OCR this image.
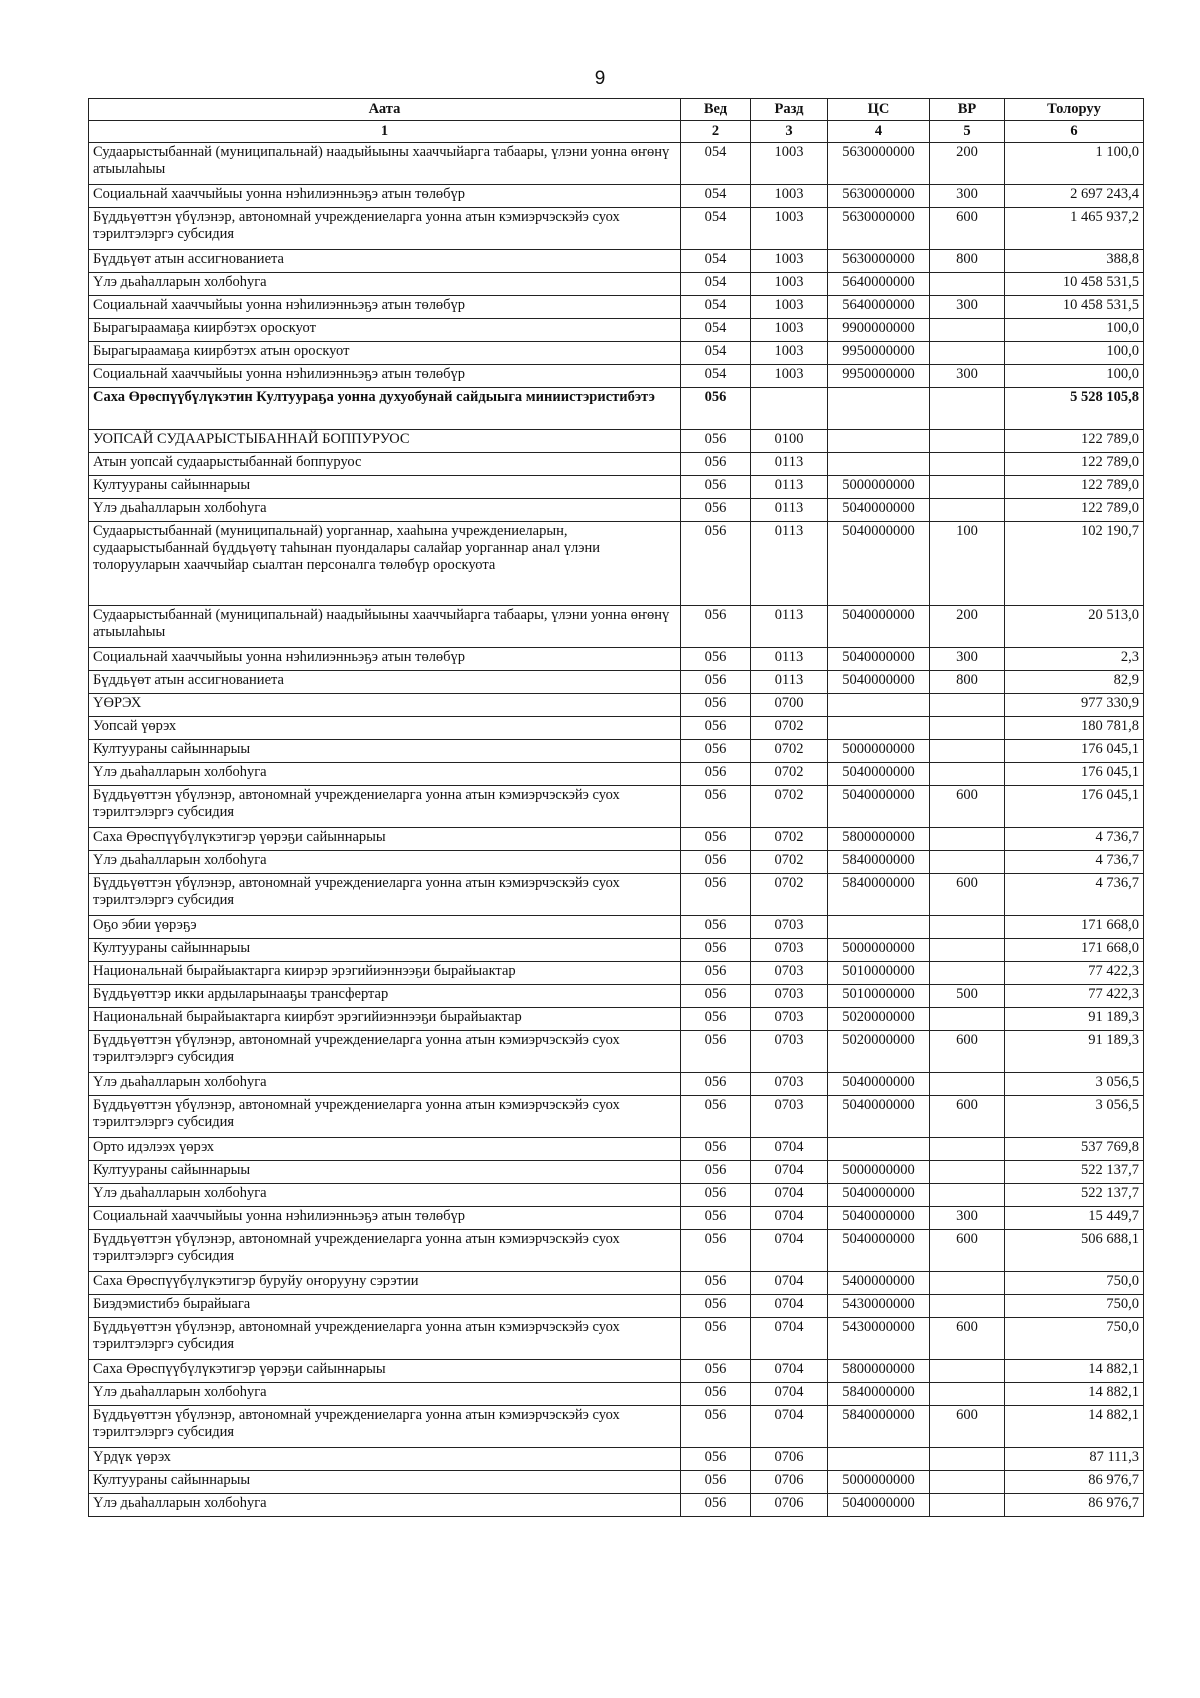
9
Аата	Вед	Разд	ЦС	ВР	Толоруу
1	2	3	4	5	6
Судаарыстыбаннай (муниципальнай) наадыйыыны хааччыйарга табаары, үлэни уонна өҥөнү атыылаһыы	054	1003	5630000000	200	1 100,0
Социальнай хааччыйыы уонна нэһилиэнньэҕэ атын төлөбүр	054	1003	5630000000	300	2 697 243,4
Бүддьүөттэн үбүлэнэр, автономнай учреждениеларга уонна атын кэмиэрчэскэйэ суох тэрилтэлэргэ субсидия	054	1003	5630000000	600	1 465 937,2
Бүддьүөт атын ассигнованиета	054	1003	5630000000	800	388,8
Үлэ дьаһалларын холбоһуга	054	1003	5640000000		10 458 531,5
Социальнай хааччыйыы уонна нэһилиэнньэҕэ атын төлөбүр	054	1003	5640000000	300	10 458 531,5
Бырагыраамаҕа киирбэтэх ороскуот	054	1003	9900000000		100,0
Бырагыраамаҕа киирбэтэх атын ороскуот	054	1003	9950000000		100,0
Социальнай хааччыйыы уонна нэһилиэнньэҕэ атын төлөбүр	054	1003	9950000000	300	100,0
Саха Өрөспүүбүлүкэтин Култуураҕа уонна духуобунай сайдыыга миниистэристибэтэ	056				5 528 105,8
УОПСАЙ СУДААРЫСТЫБАННАЙ БОППУРУОС	056	0100			122 789,0
Атын уопсай судаарыстыбаннай боппуруос	056	0113			122 789,0
Култуураны сайыннарыы	056	0113	5000000000		122 789,0
Үлэ дьаһалларын холбоһуга	056	0113	5040000000		122 789,0
Судаарыстыбаннай (муниципальнай) уорганнар, хааһына учреждениеларын, судаарыстыбаннай бүддьүөтү таһынан пуондалары салайар уорганнар анал үлэни толорууларын хааччыйар сыалтан персоналга төлөбүр ороскуота	056	0113	5040000000	100	102 190,7
Судаарыстыбаннай (муниципальнай) наадыйыыны хааччыйарга табаары, үлэни уонна өҥөнү атыылаһыы	056	0113	5040000000	200	20 513,0
Социальнай хааччыйыы уонна нэһилиэнньэҕэ атын төлөбүр	056	0113	5040000000	300	2,3
Бүддьүөт атын ассигнованиета	056	0113	5040000000	800	82,9
ҮӨРЭХ	056	0700			977 330,9
Уопсай үөрэх	056	0702			180 781,8
Култуураны сайыннарыы	056	0702	5000000000		176 045,1
Үлэ дьаһалларын холбоһуга	056	0702	5040000000		176 045,1
Бүддьүөттэн үбүлэнэр, автономнай учреждениеларга уонна атын кэмиэрчэскэйэ суох тэрилтэлэргэ субсидия	056	0702	5040000000	600	176 045,1
Саха Өрөспүүбүлүкэтигэр үөрэҕи сайыннарыы	056	0702	5800000000		4 736,7
Үлэ дьаһалларын холбоһуга	056	0702	5840000000		4 736,7
Бүддьүөттэн үбүлэнэр, автономнай учреждениеларга уонна атын кэмиэрчэскэйэ суох тэрилтэлэргэ субсидия	056	0702	5840000000	600	4 736,7
Оҕо эбии үөрэҕэ	056	0703			171 668,0
Култуураны сайыннарыы	056	0703	5000000000		171 668,0
Национальнай бырайыактарга киирэр эрэгийиэннээҕи бырайыактар	056	0703	5010000000		77 422,3
Бүддьүөттэр икки ардыларынааҕы трансфертар	056	0703	5010000000	500	77 422,3
Национальнай бырайыактарга киирбэт эрэгийиэннээҕи бырайыактар	056	0703	5020000000		91 189,3
Бүддьүөттэн үбүлэнэр, автономнай учреждениеларга уонна атын кэмиэрчэскэйэ суох тэрилтэлэргэ субсидия	056	0703	5020000000	600	91 189,3
Үлэ дьаһалларын холбоһуга	056	0703	5040000000		3 056,5
Бүддьүөттэн үбүлэнэр, автономнай учреждениеларга уонна атын кэмиэрчэскэйэ суох тэрилтэлэргэ субсидия	056	0703	5040000000	600	3 056,5
Орто идэлээх үөрэх	056	0704			537 769,8
Култуураны сайыннарыы	056	0704	5000000000		522 137,7
Үлэ дьаһалларын холбоһуга	056	0704	5040000000		522 137,7
Социальнай хааччыйыы уонна нэһилиэнньэҕэ атын төлөбүр	056	0704	5040000000	300	15 449,7
Бүддьүөттэн үбүлэнэр, автономнай учреждениеларга уонна атын кэмиэрчэскэйэ суох тэрилтэлэргэ субсидия	056	0704	5040000000	600	506 688,1
Саха Өрөспүүбүлүкэтигэр буруйу оҥорууну сэрэтии	056	0704	5400000000		750,0
Биэдэмистибэ бырайыага	056	0704	5430000000		750,0
Бүддьүөттэн үбүлэнэр, автономнай учреждениеларга уонна атын кэмиэрчэскэйэ суох тэрилтэлэргэ субсидия	056	0704	5430000000	600	750,0
Саха Өрөспүүбүлүкэтигэр үөрэҕи сайыннарыы	056	0704	5800000000		14 882,1
Үлэ дьаһалларын холбоһуга	056	0704	5840000000		14 882,1
Бүддьүөттэн үбүлэнэр, автономнай учреждениеларга уонна атын кэмиэрчэскэйэ суох тэрилтэлэргэ субсидия	056	0704	5840000000	600	14 882,1
Үрдүк үөрэх	056	0706			87 111,3
Култуураны сайыннарыы	056	0706	5000000000		86 976,7
Үлэ дьаһалларын холбоһуга	056	0706	5040000000		86 976,7
